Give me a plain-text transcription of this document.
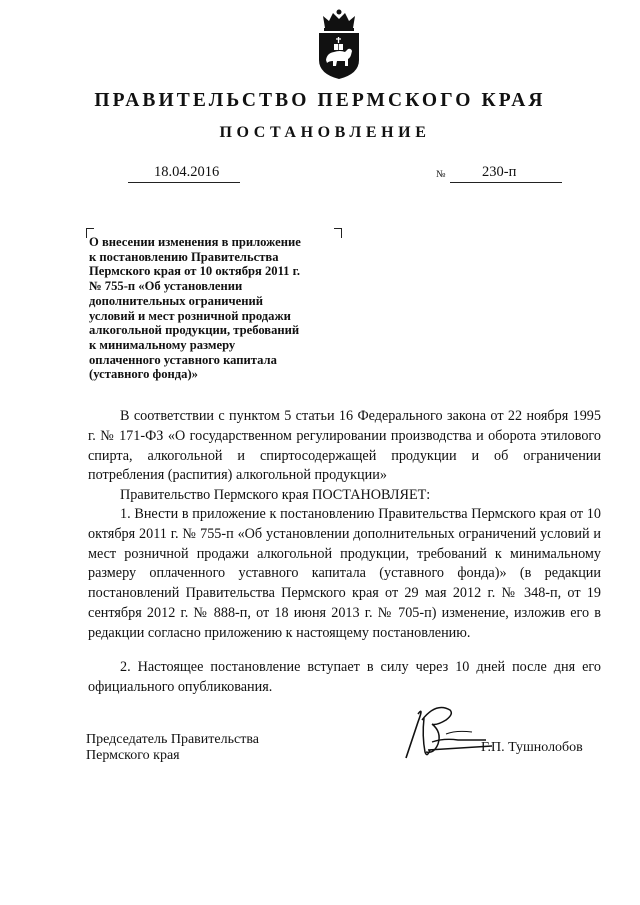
ПРАВИТЕЛЬСТВО ПЕРМСКОГО КРАЯ
ПОСТАНОВЛЕНИЕ
18.04.2016	№	230-п
О внесении изменения в приложение
к постановлению Правительства
Пермского края от 10 октября 2011 г.
№ 755-п «Об установлении
дополнительных ограничений
условий и мест розничной продажи
алкогольной продукции, требований
к минимальному размеру
оплаченного уставного капитала
(уставного фонда)»
В соответствии с пунктом 5 статьи 16 Федерального закона от 22 ноября 1995 г. № 171-ФЗ «О государственном регулировании производства и оборота этилового спирта, алкогольной и спиртосодержащей продукции и об ограничении потребления (распития) алкогольной продукции»
Правительство Пермского края ПОСТАНОВЛЯЕТ:
1. Внести в приложение к постановлению Правительства Пермского края от 10 октября 2011 г. № 755-п «Об установлении дополнительных ограничений условий и мест розничной продажи алкогольной продукции, требований к минимальному размеру оплаченного уставного капитала (уставного фонда)» (в редакции постановлений Правительства Пермского края от 29 мая 2012 г. № 348-п, от 19 сентября 2012 г. № 888-п, от 18 июня 2013 г. № 705-п) изменение, изложив его в редакции согласно приложению к настоящему постановлению.
2. Настоящее постановление вступает в силу через 10 дней после дня его официального опубликования.
Председатель Правительства
Пермского края	Г.П. Тушнолобов
